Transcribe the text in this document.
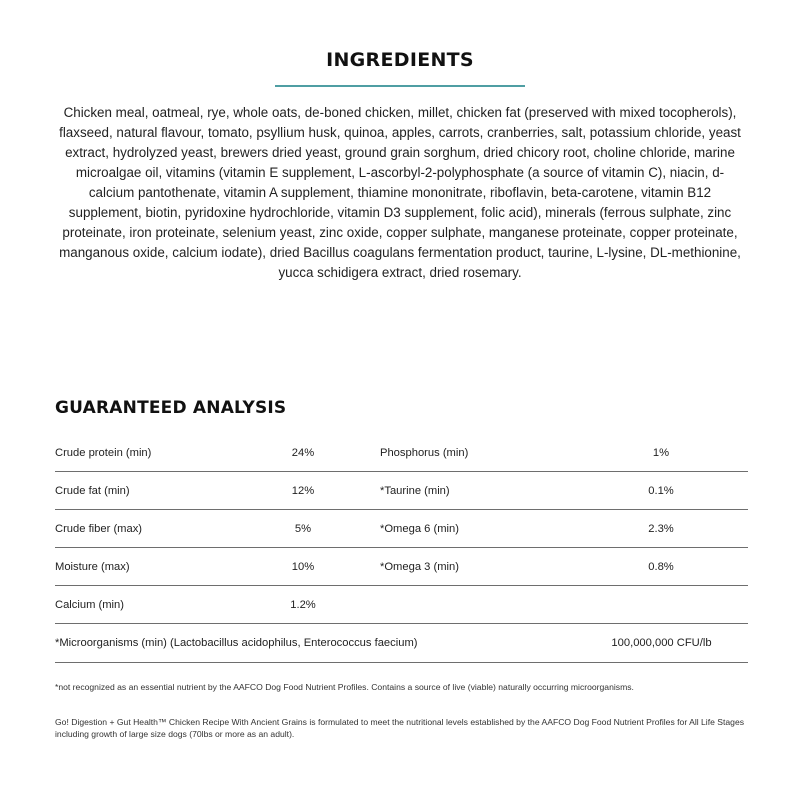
INGREDIENTS
Chicken meal, oatmeal, rye, whole oats, de-boned chicken, millet, chicken fat (preserved with mixed tocopherols), flaxseed, natural flavour, tomato, psyllium husk, quinoa, apples, carrots, cranberries, salt, potassium chloride, yeast extract, hydrolyzed yeast, brewers dried yeast, ground grain sorghum, dried chicory root, choline chloride, marine microalgae oil, vitamins (vitamin E supplement, L-ascorbyl-2-polyphosphate (a source of vitamin C), niacin, d-calcium pantothenate, vitamin A supplement, thiamine mononitrate, riboflavin, beta-carotene, vitamin B12 supplement, biotin, pyridoxine hydrochloride, vitamin D3 supplement, folic acid), minerals (ferrous sulphate, zinc proteinate, iron proteinate, selenium yeast, zinc oxide, copper sulphate, manganese proteinate, copper proteinate, manganous oxide, calcium iodate), dried Bacillus coagulans fermentation product, taurine, L-lysine, DL-methionine, yucca schidigera extract, dried rosemary.
GUARANTEED ANALYSIS
Crude protein (min)	24%	Phosphorus (min)	1%
Crude fat (min)	12%	*Taurine (min)	0.1%
Crude fiber (max)	5%	*Omega 6 (min)	2.3%
Moisture (max)	10%	*Omega 3 (min)	0.8%
Calcium (min)	1.2%
*Microorganisms (min) (Lactobacillus acidophilus, Enterococcus faecium)	100,000,000 CFU/lb
*not recognized as an essential nutrient by the AAFCO Dog Food Nutrient Profiles. Contains a source of live (viable) naturally occurring microorganisms.
Go! Digestion + Gut Health™ Chicken Recipe With Ancient Grains is formulated to meet the nutritional levels established by the AAFCO Dog Food Nutrient Profiles for All Life Stages including growth of large size dogs (70lbs or more as an adult).
